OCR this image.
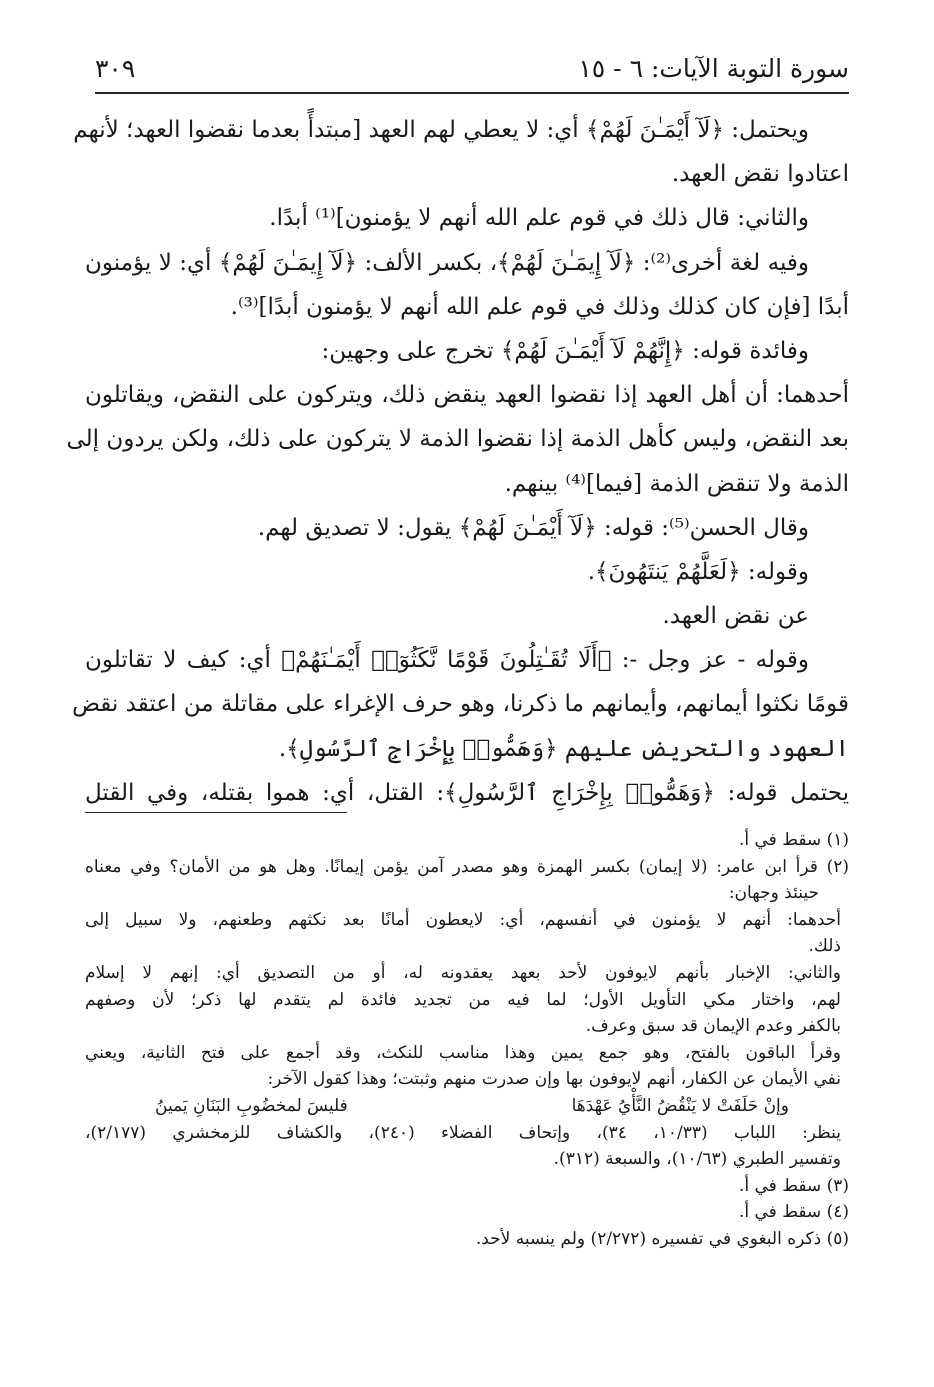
سورة التوبة الآيات: ٦ - ١٥
٣٠٩
ويحتمل: ﴿لَآ أَيْمَـٰنَ لَهُمْ﴾ أي: لا يعطي لهم العهد [مبتدأً بعدما نقضوا العهد؛ لأنهم
اعتادوا نقض العهد.
والثاني: قال ذلك في قوم علم الله أنهم لا يؤمنون]⁽¹⁾ أبدًا.
وفيه لغة أخرى⁽²⁾: ﴿لَآ إِيمَـٰنَ لَهُمْ﴾، بكسر الألف: ﴿لَآ إِيمَـٰنَ لَهُمْ﴾ أي: لا يؤمنون
أبدًا [فإن كان كذلك وذلك في قوم علم الله أنهم لا يؤمنون أبدًا]⁽³⁾.
وفائدة قوله: ﴿إِنَّهُمْ لَآ أَيْمَـٰنَ لَهُمْ﴾ تخرج على وجهين:
أحدهما: أن أهل العهد إذا نقضوا العهد ينقض ذلك، ويتركون على النقض، ويقاتلون
بعد النقض، وليس كأهل الذمة إذا نقضوا الذمة لا يتركون على ذلك، ولكن يردون إلى
الذمة ولا تنقض الذمة [فيما]⁽⁴⁾ بينهم.
وقال الحسن⁽⁵⁾: قوله: ﴿لَآ أَيْمَـٰنَ لَهُمْ﴾ يقول: لا تصديق لهم.
وقوله: ﴿لَعَلَّهُمْ يَنتَهُونَ﴾.
عن نقض العهد.
وقوله - عز وجل -: ﴿أَلَا تُقَـٰتِلُونَ قَوْمًا نَّكَثُوٓا۟ أَيْمَـٰنَهُمْ﴾ أي: كيف لا تقاتلون
قومًا نكثوا أيمانهم، وأيمانهم ما ذكرنا، وهو حرف الإغراء على مقاتلة من اعتقد نقض
العهود والتحريض عليهم ﴿وَهَمُّوا۟ بِإِخْرَاجِ ٱلرَّسُولِ﴾.
يحتمل قوله: ﴿وَهَمُّوا۟ بِإِخْرَاجِ ٱلرَّسُولِ﴾: القتل، أي: هموا بقتله، وفي القتل
(١) سقط في أ.
(٢) قرأ ابن عامر: (لا إيمان) بكسر الهمزة وهو مصدر آمن يؤمن إيمانًا. وهل هو من الأمان؟ وفي معناه
حينئذ وجهان:
أحدهما: أنهم لا يؤمنون في أنفسهم، أي: لايعطون أمانًا بعد نكثهم وطعنهم، ولا سبيل إلى
ذلك.
والثاني: الإخبار بأنهم لايوفون لأحد بعهد يعقدونه له، أو من التصديق أي: إنهم لا إسلام
لهم، واختار مكي التأويل الأول؛ لما فيه من تجديد فائدة لم يتقدم لها ذكر؛ لأن وصفهم
بالكفر وعدم الإيمان قد سبق وعرف.
وقرأ الباقون بالفتح، وهو جمع يمين وهذا مناسب للنكث، وقد أجمع على فتح الثانية، ويعني
نفي الأيمان عن الكفار، أنهم لايوفون بها وإن صدرت منهم وثبتت؛ وهذا كقول الآخر:
وإنْ حَلَفَتْ لا يَنْقُضُ النَّأْيُ عَهْدَهَا
فليسَ لمخضُوبِ البَنَانِ يَمينُ
ينظر: اللباب (١٠/٣٣، ٣٤)، وإتحاف الفضلاء (٢٤٠)، والكشاف للزمخشري (٢/١٧٧)،
وتفسير الطبري (١٠/٦٣)، والسبعة (٣١٢).
(٣) سقط في أ.
(٤) سقط في أ.
(٥) ذكره البغوي في تفسيره (٢/٢٧٢) ولم ينسبه لأحد.
